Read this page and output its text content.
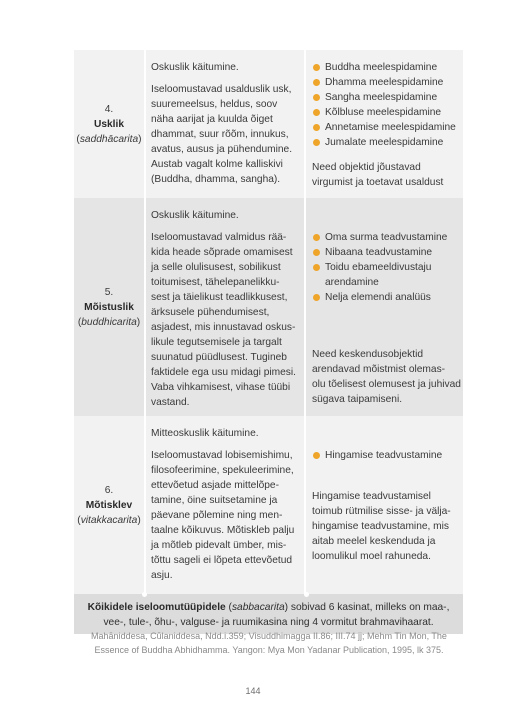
4.
Usklik
(saddhācarita)

Oskuslik käitumine.

Iseloomustavad usalduslik usk, suuremeelsus, heldus, soov näha aarijat ja kuulda õiget dhammat, suur rõõm, innukus, avatus, ausus ja pühendumine. Austab vagalt kolme kalliskivi (Buddha, dhamma, sangha).

Buddha meelespidamine
Dhamma meelespidamine
Sangha meelespidamine
Kõlbluse meelespidamine
Annetamise meelespidamine
Jumalate meelespidamine

Need objektid jõustavad virgumist ja toetavat usaldust

5.
Mõistuslik
(buddhicarita)

Oskuslik käitumine.

Iseloomustavad valmidus rää- kida heade sõprade omamisest ja selle olulisusest, sobilikust toitumisest, tähelepanelikku- sest ja täielikust teadlikkusest, ärksusele pühendumisest, asjadest, mis innustavad oskus- likule tegutsemisele ja targalt suunatud püüdlusest. Tugineb faktidele ega usu midagi pimesi. Vaba vihkamisest, vihase tüübi vastand.

Oma surma teadvustamine
Nibaana teadvustamine
Toidu ebameeldivustaju arendamine
Nelja elemendi analüüs

Need keskendusobjektid arendavad mõistmist olemas- olu tõelisest olemusest ja juhivad sügava taipamiseni.

6.
Mõtisklev
(vitakkacarita)

Mitteoskuslik käitumine.

Iseloomustavad lobisemishimu, filosofeerimine, spekuleerimine, ettevõetud asjade mittelõpe- tamine, öine suitsetamine ja päevane põlemine ning men- taalne kõikuvus. Mõtiskleb palju ja mõtleb pidevalt ümber, mis- tõttu sageli ei lõpeta ettevõetud asju.

Hingamise teadvustamine

Hingamise teadvustamisel toimub rütmilise sisse- ja välja- hingamise teadvustamine, mis aitab meelel keskenduda ja loomulikul moel rahuneda.

Kõikidele iseloomutüüpidele (sabbacarita) sobivad 6 kasinat, milleks on maa-, vee-, tule-, õhu-, valguse- ja ruumikasina ning 4 vormitut brahmavihaarat.
Mahāniddesa, Cūlaniddesa, Ndd.i.359; Visuddhimagga II.86; III.74 jj; Mehm Tin Mon, The Essence of Buddha Abhidhamma. Yangon: Mya Mon Yadanar Publication, 1995, lk 375.
144
